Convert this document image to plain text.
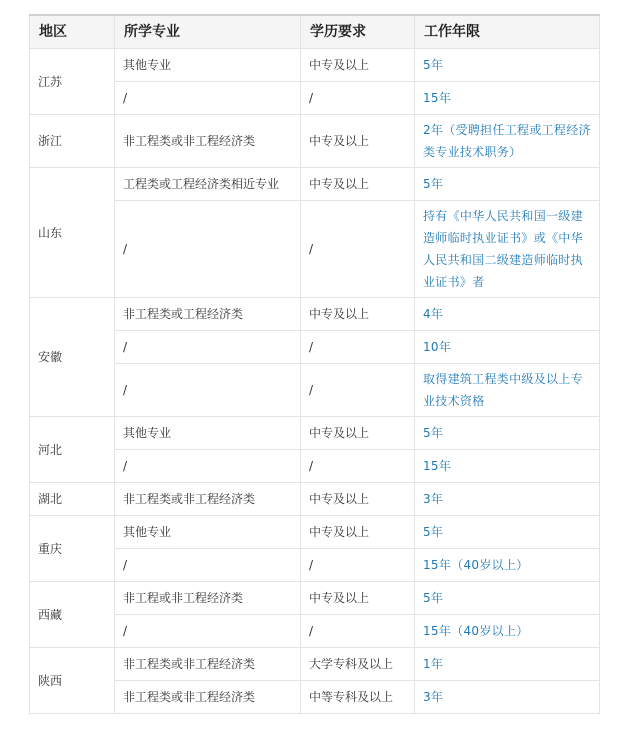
地区	所学专业	学历要求	工作年限
江苏	其他专业	中专及以上	5年
	/	/	15年
浙江	非工程类或非工程经济类	中专及以上	2年（受聘担任工程或工程经济类专业技术职务）
山东	工程类或工程经济类相近专业	中专及以上	5年
	/	/	持有《中华人民共和国一级建造师临时执业证书》或《中华人民共和国二级建造师临时执业证书》者
安徽	非工程类或工程经济类	中专及以上	4年
	/	/	10年
	/	/	取得建筑工程类中级及以上专业技术资格
河北	其他专业	中专及以上	5年
	/	/	15年
湖北	非工程类或非工程经济类	中专及以上	3年
重庆	其他专业	中专及以上	5年
	/	/	15年（40岁以上）
西藏	非工程或非工程经济类	中专及以上	5年
	/	/	15年（40岁以上）
陕西	非工程类或非工程经济类	大学专科及以上	1年
	非工程类或非工程经济类	中等专科及以上	3年
